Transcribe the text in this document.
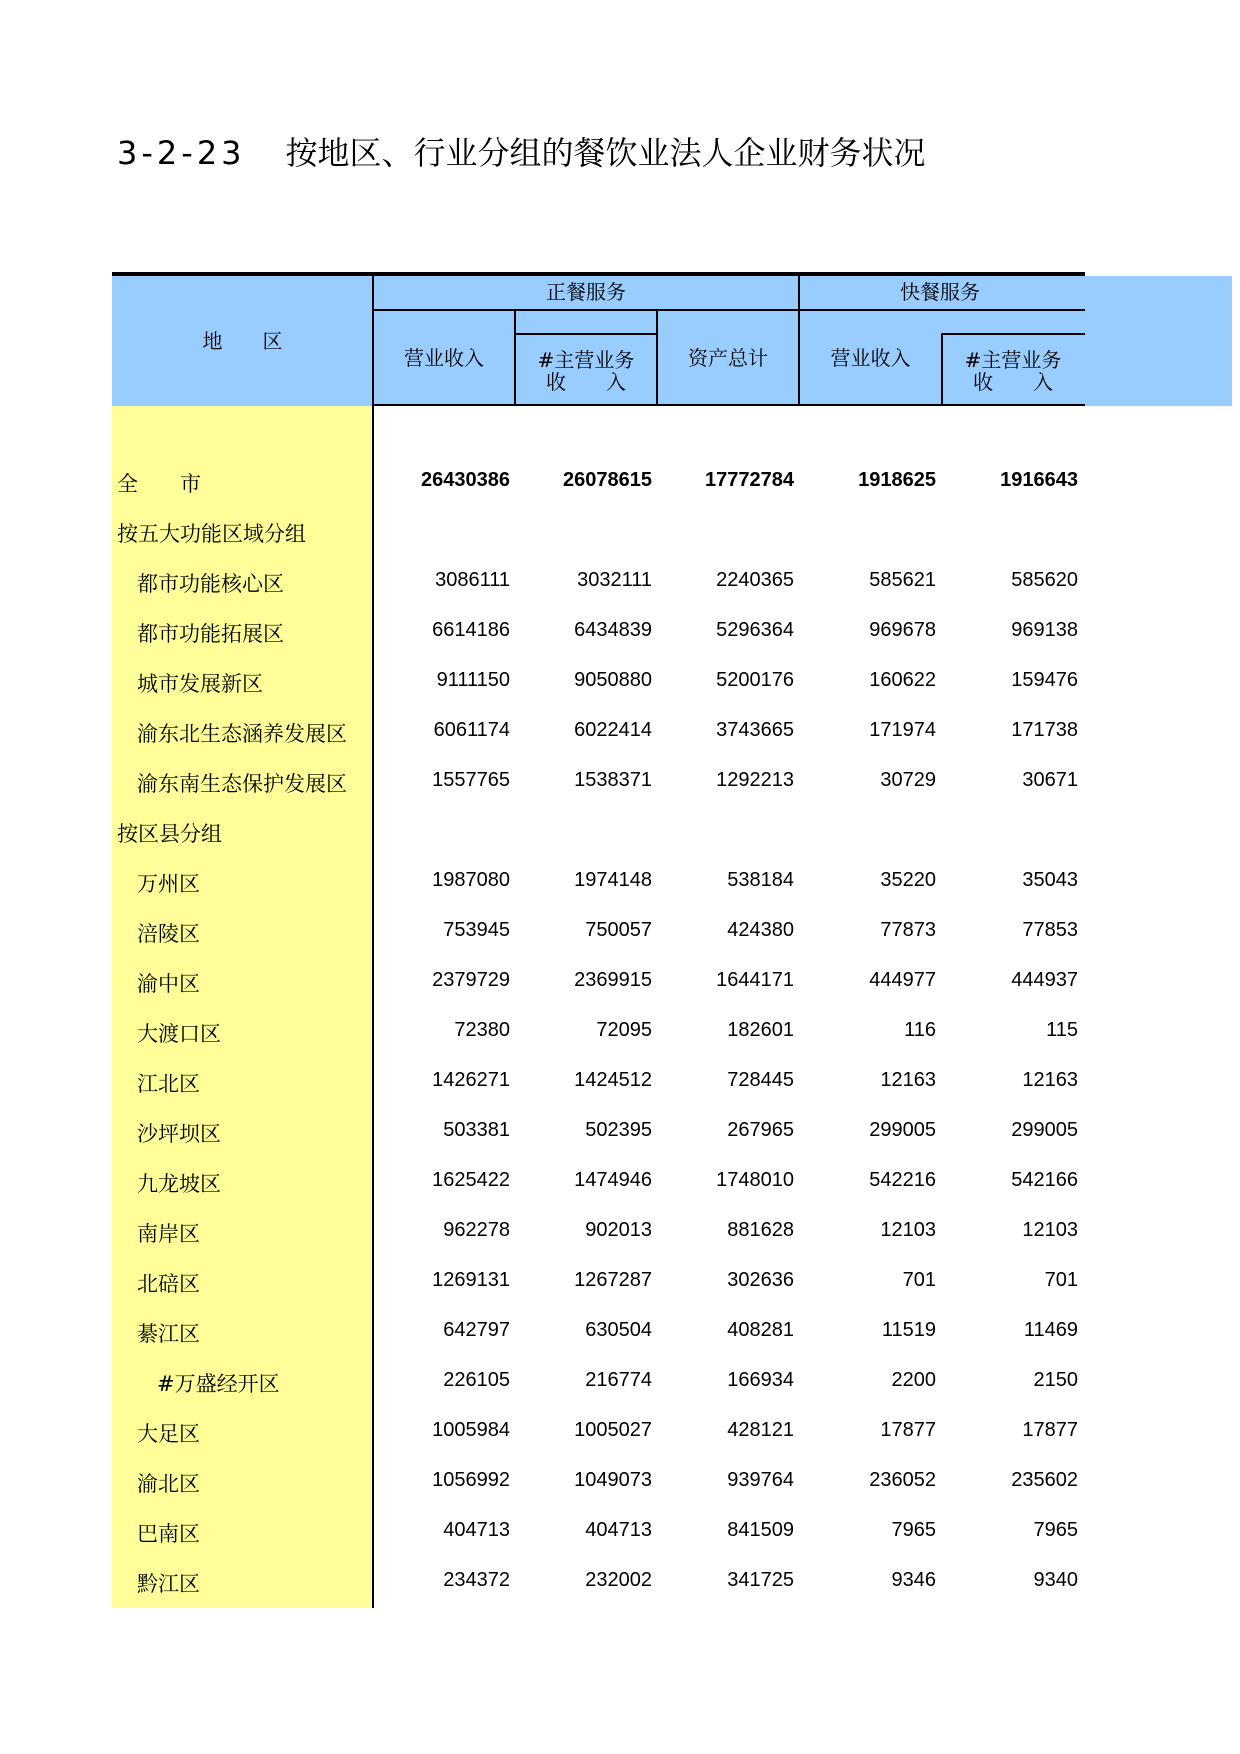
3-2-23 按地区、行业分组的餐饮业法人企业财务状况
地　　区
正餐服务	快餐服务
营业收入	#主营业务
收　　入
资产总计	营业收入	#主营业务
收　　入
全　　市	26430386	26078615	17772784	1918625	1916643
按五大功能区域分组
都市功能核心区	3086111	3032111	2240365	585621	585620
都市功能拓展区	6614186	6434839	5296364	969678	969138
城市发展新区	9111150	9050880	5200176	160622	159476
渝东北生态涵养发展区	6061174	6022414	3743665	171974	171738
渝东南生态保护发展区	1557765	1538371	1292213	30729	30671
按区县分组
万州区	1987080	1974148	538184	35220	35043
涪陵区	753945	750057	424380	77873	77853
渝中区	2379729	2369915	1644171	444977	444937
大渡口区	72380	72095	182601	116	115
江北区	1426271	1424512	728445	12163	12163
沙坪坝区	503381	502395	267965	299005	299005
九龙坡区	1625422	1474946	1748010	542216	542166
南岸区	962278	902013	881628	12103	12103
北碚区	1269131	1267287	302636	701	701
綦江区	642797	630504	408281	11519	11469
#万盛经开区	226105	216774	166934	2200	2150
大足区	1005984	1005027	428121	17877	17877
渝北区	1056992	1049073	939764	236052	235602
巴南区	404713	404713	841509	7965	7965
黔江区	234372	232002	341725	9346	9340
